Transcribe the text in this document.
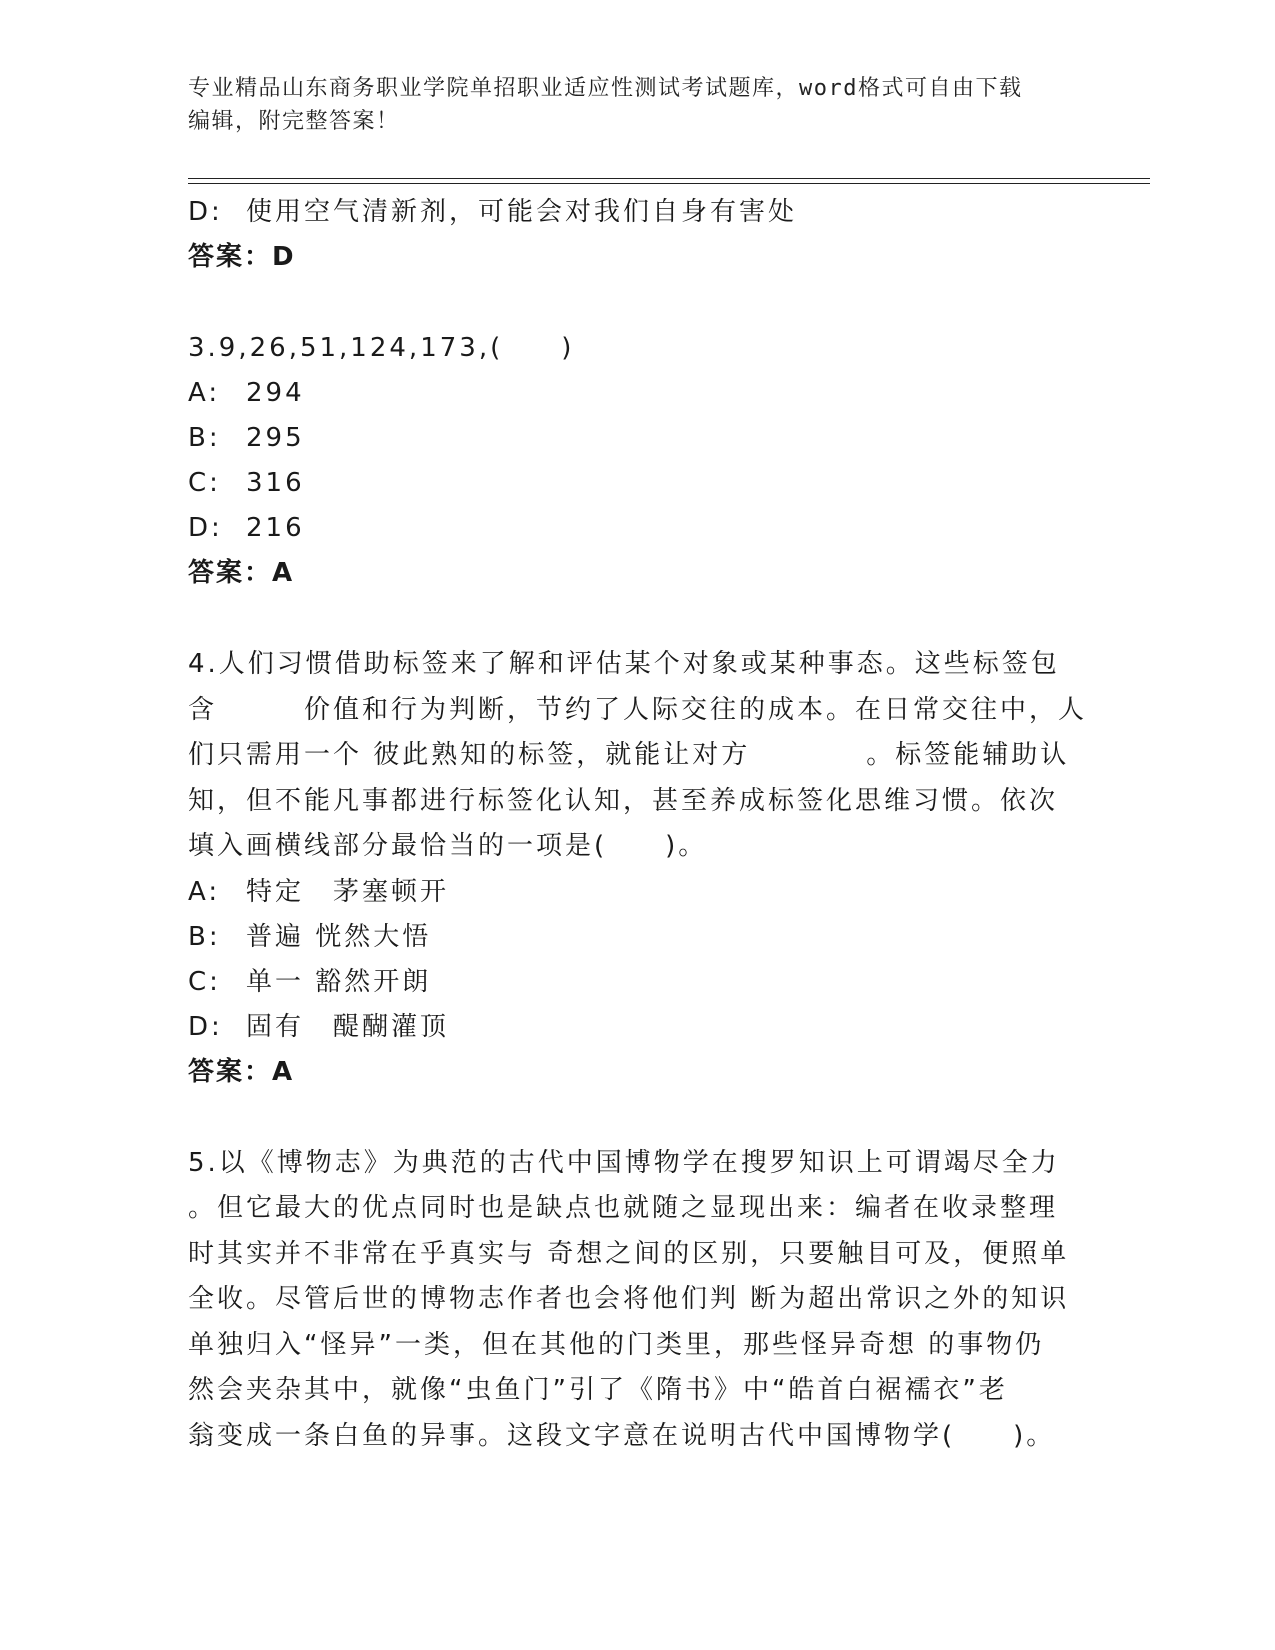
专业精品山东商务职业学院单招职业适应性测试考试题库，word格式可自由下载
编辑，附完整答案！
D: 使用空气清新剂，可能会对我们自身有害处
答案：D
3.9,26,51,124,173,(　　)
A: 294
B: 295
C: 316
D: 216
答案：A
4.人们习惯借助标签来了解和评估某个对象或某种事态。这些标签包
含　　　价值和行为判断，节约了人际交往的成本。在日常交往中，人
们只需用一个 彼此熟知的标签，就能让对方　　　　。标签能辅助认
知，但不能凡事都进行标签化认知，甚至养成标签化思维习惯。依次
填入画横线部分最恰当的一项是(　　)。
A: 特定　茅塞顿开
B: 普遍 恍然大悟
C: 单一 豁然开朗
D: 固有　醍醐灌顶
答案：A
5.以《博物志》为典范的古代中国博物学在搜罗知识上可谓竭尽全力
。但它最大的优点同时也是缺点也就随之显现出来：编者在收录整理
时其实并不非常在乎真实与 奇想之间的区别，只要触目可及，便照单
全收。尽管后世的博物志作者也会将他们判 断为超出常识之外的知识
单独归入“怪异”一类，但在其他的门类里，那些怪异奇想 的事物仍
然会夹杂其中，就像“虫鱼门”引了《隋书》中“皓首白裾襦衣”老
翁变成一条白鱼的异事。这段文字意在说明古代中国博物学(　　)。
